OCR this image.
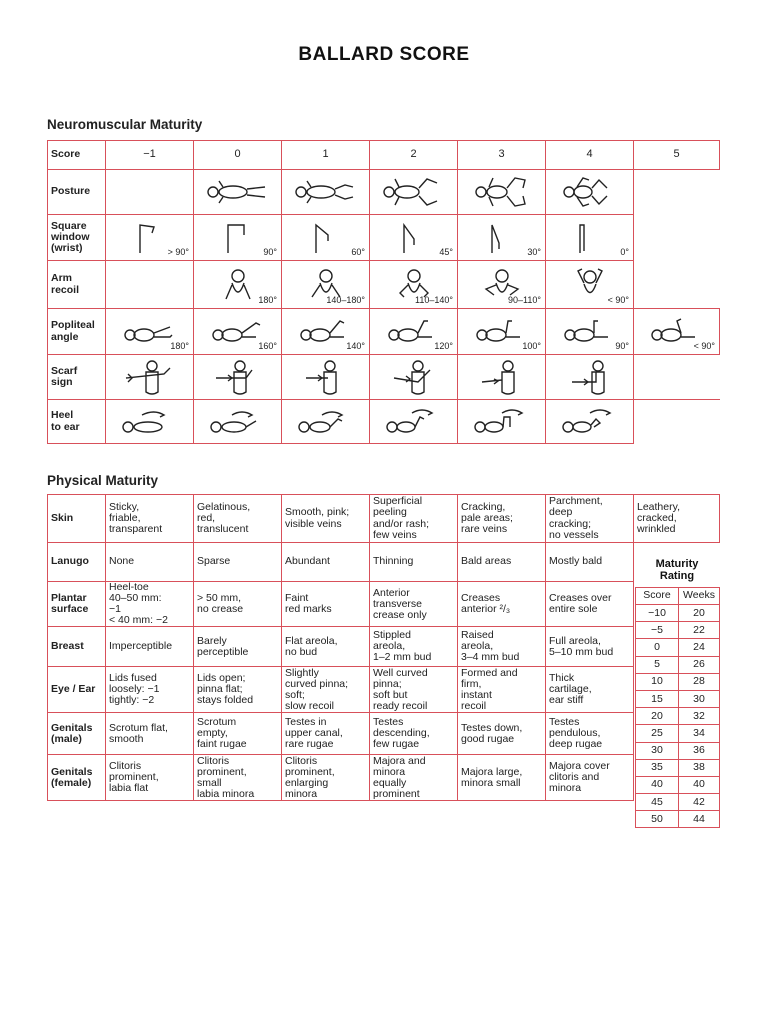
BALLARD SCORE
Neuromuscular Maturity
Score	−1	0	1	2	3	4	5
Posture		

Square
window
(wrist)	> 90°	90°	60°	45°	30°	0°	

Arm
recoil		180°	140–180°	110–140°	90–110°	< 90°	

Popliteal
angle	180°	160°	140°	120°	100°	90°	< 90°

Scarf
sign	

Heel
to ear	

Physical Maturity
Skin	Sticky,
friable,
transparent	Gelatinous,
red,
translucent	Smooth, pink;
visible veins	Superficial
peeling
and/or rash;
few veins	Cracking,
pale areas;
rare veins	Parchment,
deep
cracking;
no vessels	Leathery,
cracked,
wrinkled
Lanugo	None	Sparse	Abundant	Thinning	Bald areas	Mostly bald	
Plantar
surface	Heel-toe
40–50 mm:
−1
< 40 mm: −2	> 50 mm,
no crease	Faint
red marks	Anterior
transverse
crease only	Creases
anterior ²/₃	Creases over
entire sole	
Breast	Imperceptible	Barely
perceptible	Flat areola,
no bud	Stippled
areola,
1–2 mm bud	Raised
areola,
3–4 mm bud	Full areola,
5–10 mm bud	
Eye / Ear	Lids fused
loosely: −1
tightly: −2	Lids open;
pinna flat;
stays folded	Slightly
curved pinna;
soft;
slow recoil	Well curved
pinna;
soft but
ready recoil	Formed and
firm,
instant
recoil	Thick
cartilage,
ear stiff	
Genitals
(male)	Scrotum flat,
smooth	Scrotum
empty,
faint rugae	Testes in
upper canal,
rare rugae	Testes
descending,
few rugae	Testes down,
good rugae	Testes
pendulous,
deep rugae	
Genitals
(female)	Clitoris
prominent,
labia flat	Clitoris
prominent,
small
labia minora	Clitoris
prominent,
enlarging
minora	Majora and
minora
equally
prominent	Majora large,
minora small	Majora cover
clitoris and
minora	
Maturity
Rating
Score	Weeks
−10	20
−5	22
0	24
5	26
10	28
15	30
20	32
25	34
30	36
35	38
40	40
45	42
50	44
